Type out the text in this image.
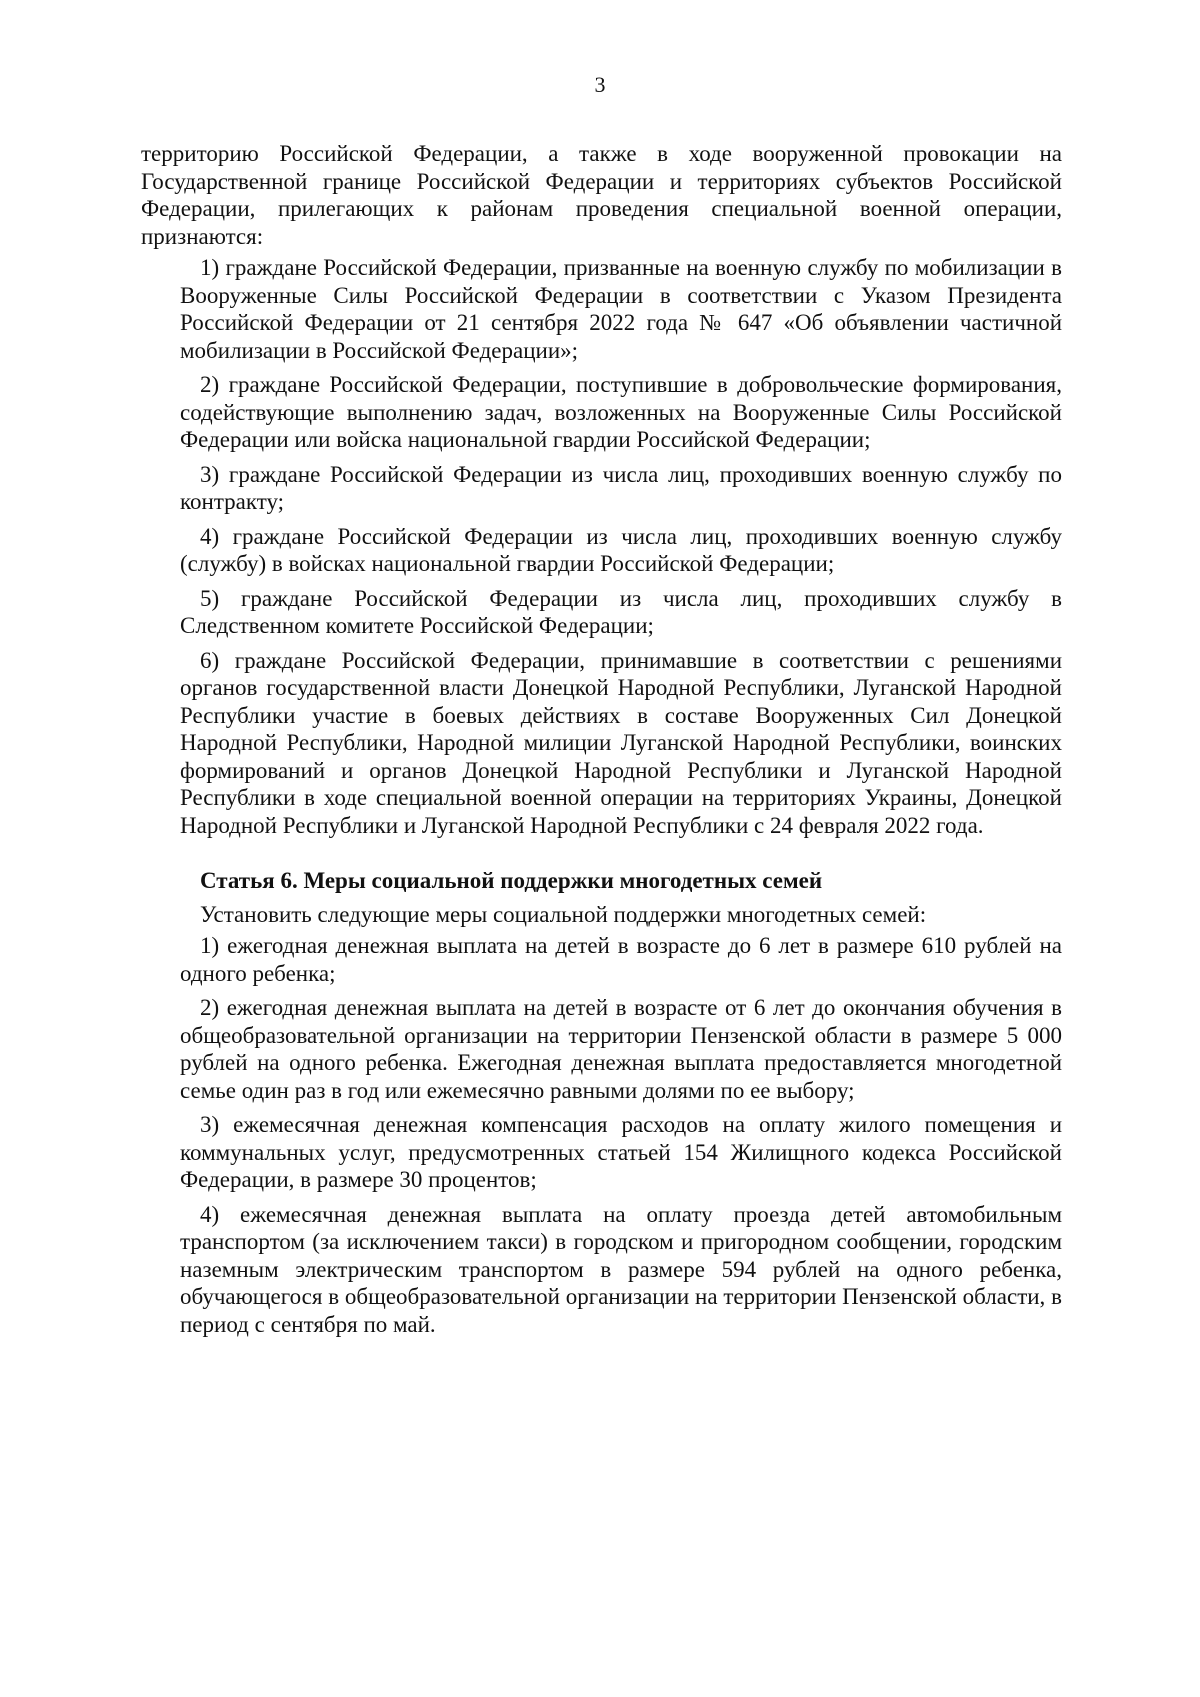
3

территорию Российской Федерации, а также в ходе вооруженной провокации на Государственной границе Российской Федерации и территориях субъектов Российской Федерации, прилегающих к районам проведения специальной военной операции, признаются:

1) граждане Российской Федерации, призванные на военную службу по мобилизации в Вооруженные Силы Российской Федерации в соответствии с Указом Президента Российской Федерации от 21 сентября 2022 года № 647 «Об объявлении частичной мобилизации в Российской Федерации»;

2) граждане Российской Федерации, поступившие в добровольческие формирования, содействующие выполнению задач, возложенных на Вооруженные Силы Российской Федерации или войска национальной гвардии Российской Федерации;

3) граждане Российской Федерации из числа лиц, проходивших военную службу по контракту;

4) граждане Российской Федерации из числа лиц, проходивших военную службу (службу) в войсках национальной гвардии Российской Федерации;

5) граждане Российской Федерации из числа лиц, проходивших службу в Следственном комитете Российской Федерации;

6) граждане Российской Федерации, принимавшие в соответствии с решениями органов государственной власти Донецкой Народной Республики, Луганской Народной Республики участие в боевых действиях в составе Вооруженных Сил Донецкой Народной Республики, Народной милиции Луганской Народной Республики, воинских формирований и органов Донецкой Народной Республики и Луганской Народной Республики в ходе специальной военной операции на территориях Украины, Донецкой Народной Республики и Луганской Народной Республики с 24 февраля 2022 года.

Статья 6. Меры социальной поддержки многодетных семей

Установить следующие меры социальной поддержки многодетных семей:

1) ежегодная денежная выплата на детей в возрасте до 6 лет в размере 610 рублей на одного ребенка;

2) ежегодная денежная выплата на детей в возрасте от 6 лет до окончания обучения в общеобразовательной организации на территории Пензенской области в размере 5 000 рублей на одного ребенка. Ежегодная денежная выплата предоставляется многодетной семье один раз в год или ежемесячно равными долями по ее выбору;

3) ежемесячная денежная компенсация расходов на оплату жилого помещения и коммунальных услуг, предусмотренных статьей 154 Жилищного кодекса Российской Федерации, в размере 30 процентов;

4) ежемесячная денежная выплата на оплату проезда детей автомобильным транспортом (за исключением такси) в городском и пригородном сообщении, городским наземным электрическим транспортом в размере 594 рублей на одного ребенка, обучающегося в общеобразовательной организации на территории Пензенской области, в период с сентября по май.
